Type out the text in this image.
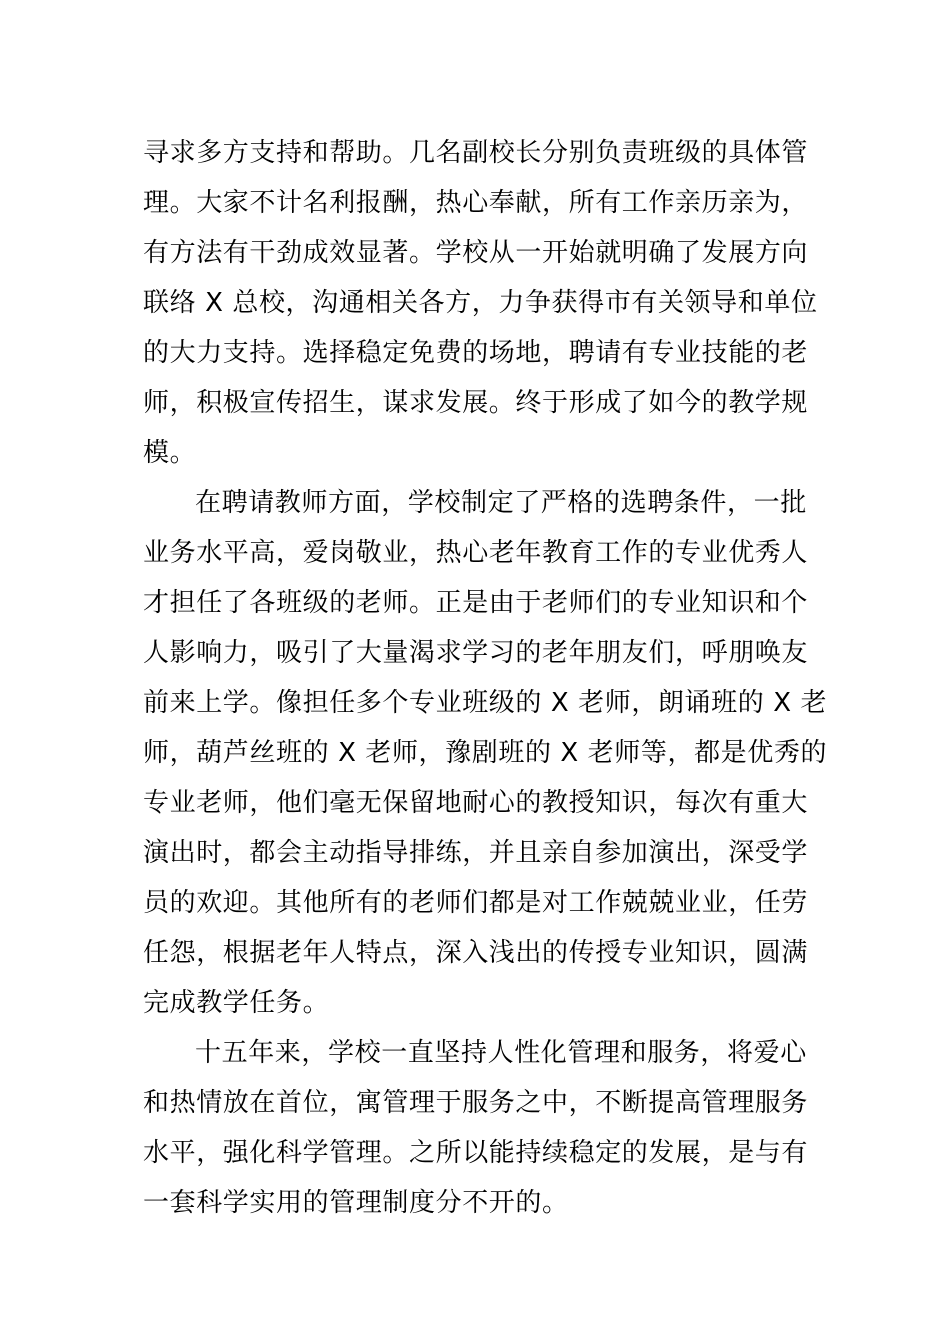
寻求多方支持和帮助。几名副校长分别负责班级的具体管
理。大家不计名利报酬，热心奉献，所有工作亲历亲为，
有方法有干劲成效显著。学校从一开始就明确了发展方向
联络 X 总校，沟通相关各方，力争获得市有关领导和单位
的大力支持。选择稳定免费的场地，聘请有专业技能的老
师，积极宣传招生，谋求发展。终于形成了如今的教学规
模。
在聘请教师方面，学校制定了严格的选聘条件，一批
业务水平高，爱岗敬业，热心老年教育工作的专业优秀人
才担任了各班级的老师。正是由于老师们的专业知识和个
人影响力，吸引了大量渴求学习的老年朋友们，呼朋唤友
前来上学。像担任多个专业班级的 X 老师，朗诵班的 X 老
师，葫芦丝班的 X 老师，豫剧班的 X 老师等，都是优秀的
专业老师，他们毫无保留地耐心的教授知识，每次有重大
演出时，都会主动指导排练，并且亲自参加演出，深受学
员的欢迎。其他所有的老师们都是对工作兢兢业业，任劳
任怨，根据老年人特点，深入浅出的传授专业知识，圆满
完成教学任务。
十五年来，学校一直坚持人性化管理和服务，将爱心
和热情放在首位，寓管理于服务之中，不断提高管理服务
水平，强化科学管理。之所以能持续稳定的发展，是与有
一套科学实用的管理制度分不开的。
